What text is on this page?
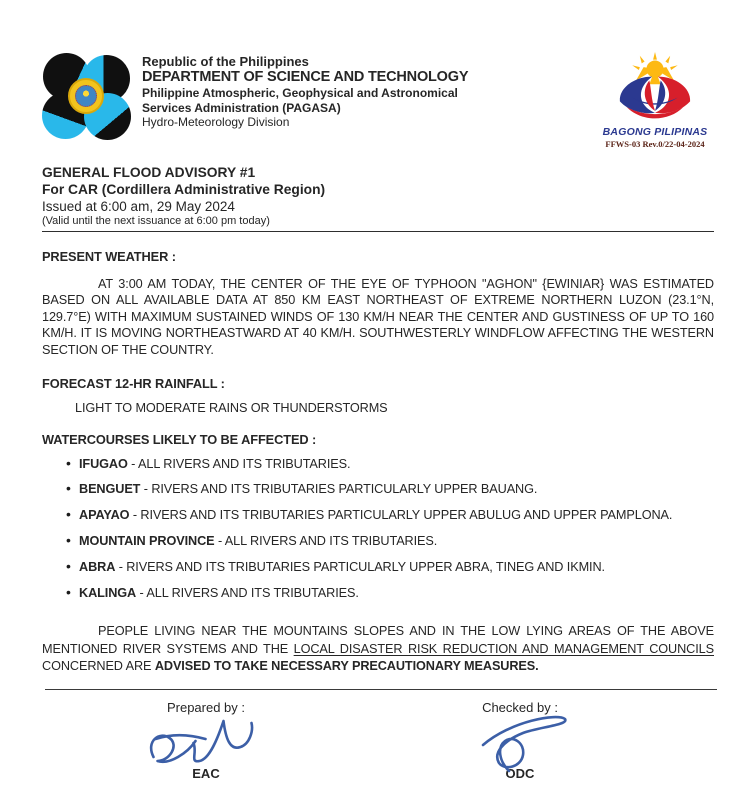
Republic of the Philippines
DEPARTMENT OF SCIENCE AND TECHNOLOGY
Philippine Atmospheric, Geophysical and Astronomical
Services Administration (PAGASA)
Hydro-Meteorology Division
BAGONG PILIPINAS
FFWS-03 Rev.0/22-04-2024
GENERAL FLOOD ADVISORY #1
For CAR (Cordillera Administrative Region)
Issued at 6:00 am, 29 May 2024
(Valid until the next issuance at 6:00 pm today)
PRESENT WEATHER :

AT 3:00 AM TODAY, THE CENTER OF THE EYE OF TYPHOON "AGHON" {EWINIAR} WAS ESTIMATED BASED ON ALL AVAILABLE DATA AT 850 KM EAST NORTHEAST OF EXTREME NORTHERN LUZON (23.1°N, 129.7°E) WITH MAXIMUM SUSTAINED WINDS OF 130 KM/H NEAR THE CENTER AND GUSTINESS OF UP TO 160 KM/H. IT IS MOVING NORTHEASTWARD AT 40 KM/H. SOUTHWESTERLY WINDFLOW AFFECTING THE WESTERN SECTION OF THE COUNTRY.

FORECAST 12-HR RAINFALL :
LIGHT TO MODERATE RAINS OR THUNDERSTORMS
WATERCOURSES LIKELY TO BE AFFECTED :
• IFUGAO - ALL RIVERS AND ITS TRIBUTARIES.
• BENGUET - RIVERS AND ITS TRIBUTARIES PARTICULARLY UPPER BAUANG.
• APAYAO - RIVERS AND ITS TRIBUTARIES PARTICULARLY UPPER ABULUG AND UPPER PAMPLONA.
• MOUNTAIN PROVINCE - ALL RIVERS AND ITS TRIBUTARIES.
• ABRA - RIVERS AND ITS TRIBUTARIES PARTICULARLY UPPER ABRA, TINEG AND IKMIN.
• KALINGA - ALL RIVERS AND ITS TRIBUTARIES.

PEOPLE LIVING NEAR THE MOUNTAINS SLOPES AND IN THE LOW LYING AREAS OF THE ABOVE MENTIONED RIVER SYSTEMS AND THE LOCAL DISASTER RISK REDUCTION AND MANAGEMENT COUNCILS CONCERNED ARE ADVISED TO TAKE NECESSARY PRECAUTIONARY MEASURES.

Prepared by :
EAC
Checked by :
ODC
